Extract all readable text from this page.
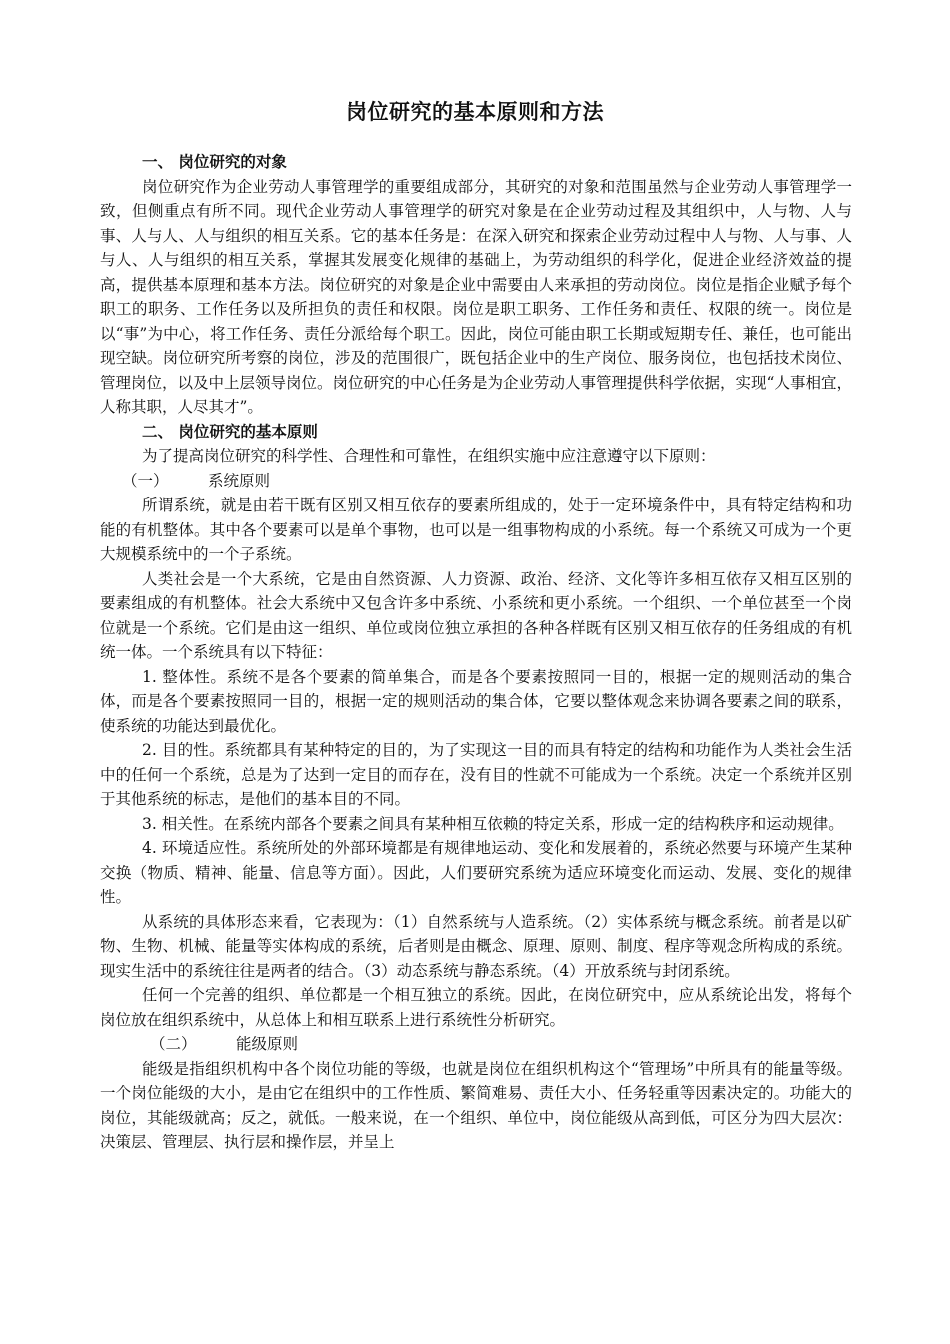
岗位研究的基本原则和方法

一、 岗位研究的对象

岗位研究作为企业劳动人事管理学的重要组成部分，其研究的对象和范围虽然与企业劳动人事管理学一致，但侧重点有所不同。现代企业劳动人事管理学的研究对象是在企业劳动过程及其组织中，人与物、人与事、人与人、人与组织的相互关系。它的基本任务是：在深入研究和探索企业劳动过程中人与物、人与事、人与人、人与组织的相互关系，掌握其发展变化规律的基础上，为劳动组织的科学化，促进企业经济效益的提高，提供基本原理和基本方法。岗位研究的对象是企业中需要由人来承担的劳动岗位。岗位是指企业赋予每个职工的职务、工作任务以及所担负的责任和权限。岗位是职工职务、工作任务和责任、权限的统一。岗位是以“事”为中心，将工作任务、责任分派给每个职工。因此，岗位可能由职工长期或短期专任、兼任，也可能出现空缺。岗位研究所考察的岗位，涉及的范围很广，既包括企业中的生产岗位、服务岗位，也包括技术岗位、管理岗位，以及中上层领导岗位。岗位研究的中心任务是为企业劳动人事管理提供科学依据，实现“人事相宜，人称其职，人尽其才”。

二、 岗位研究的基本原则

为了提高岗位研究的科学性、合理性和可靠性，在组织实施中应注意遵守以下原则：

（一）	系统原则

所谓系统，就是由若干既有区别又相互依存的要素所组成的，处于一定环境条件中，具有特定结构和功能的有机整体。其中各个要素可以是单个事物，也可以是一组事物构成的小系统。每一个系统又可成为一个更大规模系统中的一个子系统。

人类社会是一个大系统，它是由自然资源、人力资源、政治、经济、文化等许多相互依存又相互区别的要素组成的有机整体。社会大系统中又包含许多中系统、小系统和更小系统。一个组织、一个单位甚至一个岗位就是一个系统。它们是由这一组织、单位或岗位独立承担的各种各样既有区别又相互依存的任务组成的有机统一体。一个系统具有以下特征：

1. 整体性。系统不是各个要素的简单集合，而是各个要素按照同一目的，根据一定的规则活动的集合体，而是各个要素按照同一目的，根据一定的规则活动的集合体，它要以整体观念来协调各要素之间的联系，使系统的功能达到最优化。

2. 目的性。系统都具有某种特定的目的，为了实现这一目的而具有特定的结构和功能作为人类社会生活中的任何一个系统，总是为了达到一定目的而存在，没有目的性就不可能成为一个系统。决定一个系统并区别于其他系统的标志，是他们的基本目的不同。

3. 相关性。在系统内部各个要素之间具有某种相互依赖的特定关系，形成一定的结构秩序和运动规律。

4. 环境适应性。系统所处的外部环境都是有规律地运动、变化和发展着的，系统必然要与环境产生某种交换（物质、精神、能量、信息等方面）。因此，人们要研究系统为适应环境变化而运动、发展、变化的规律性。

从系统的具体形态来看，它表现为：（1）自然系统与人造系统。（2）实体系统与概念系统。前者是以矿物、生物、机械、能量等实体构成的系统，后者则是由概念、原理、原则、制度、程序等观念所构成的系统。现实生活中的系统往往是两者的结合。（3）动态系统与静态系统。（4）开放系统与封闭系统。

任何一个完善的组织、单位都是一个相互独立的系统。因此，在岗位研究中，应从系统论出发，将每个岗位放在组织系统中，从总体上和相互联系上进行系统性分析研究。

（二）	能级原则

能级是指组织机构中各个岗位功能的等级，也就是岗位在组织机构这个“管理场”中所具有的能量等级。一个岗位能级的大小，是由它在组织中的工作性质、繁简难易、责任大小、任务轻重等因素决定的。功能大的岗位，其能级就高；反之，就低。一般来说，在一个组织、单位中，岗位能级从高到低，可区分为四大层次：决策层、管理层、执行层和操作层，并呈上
